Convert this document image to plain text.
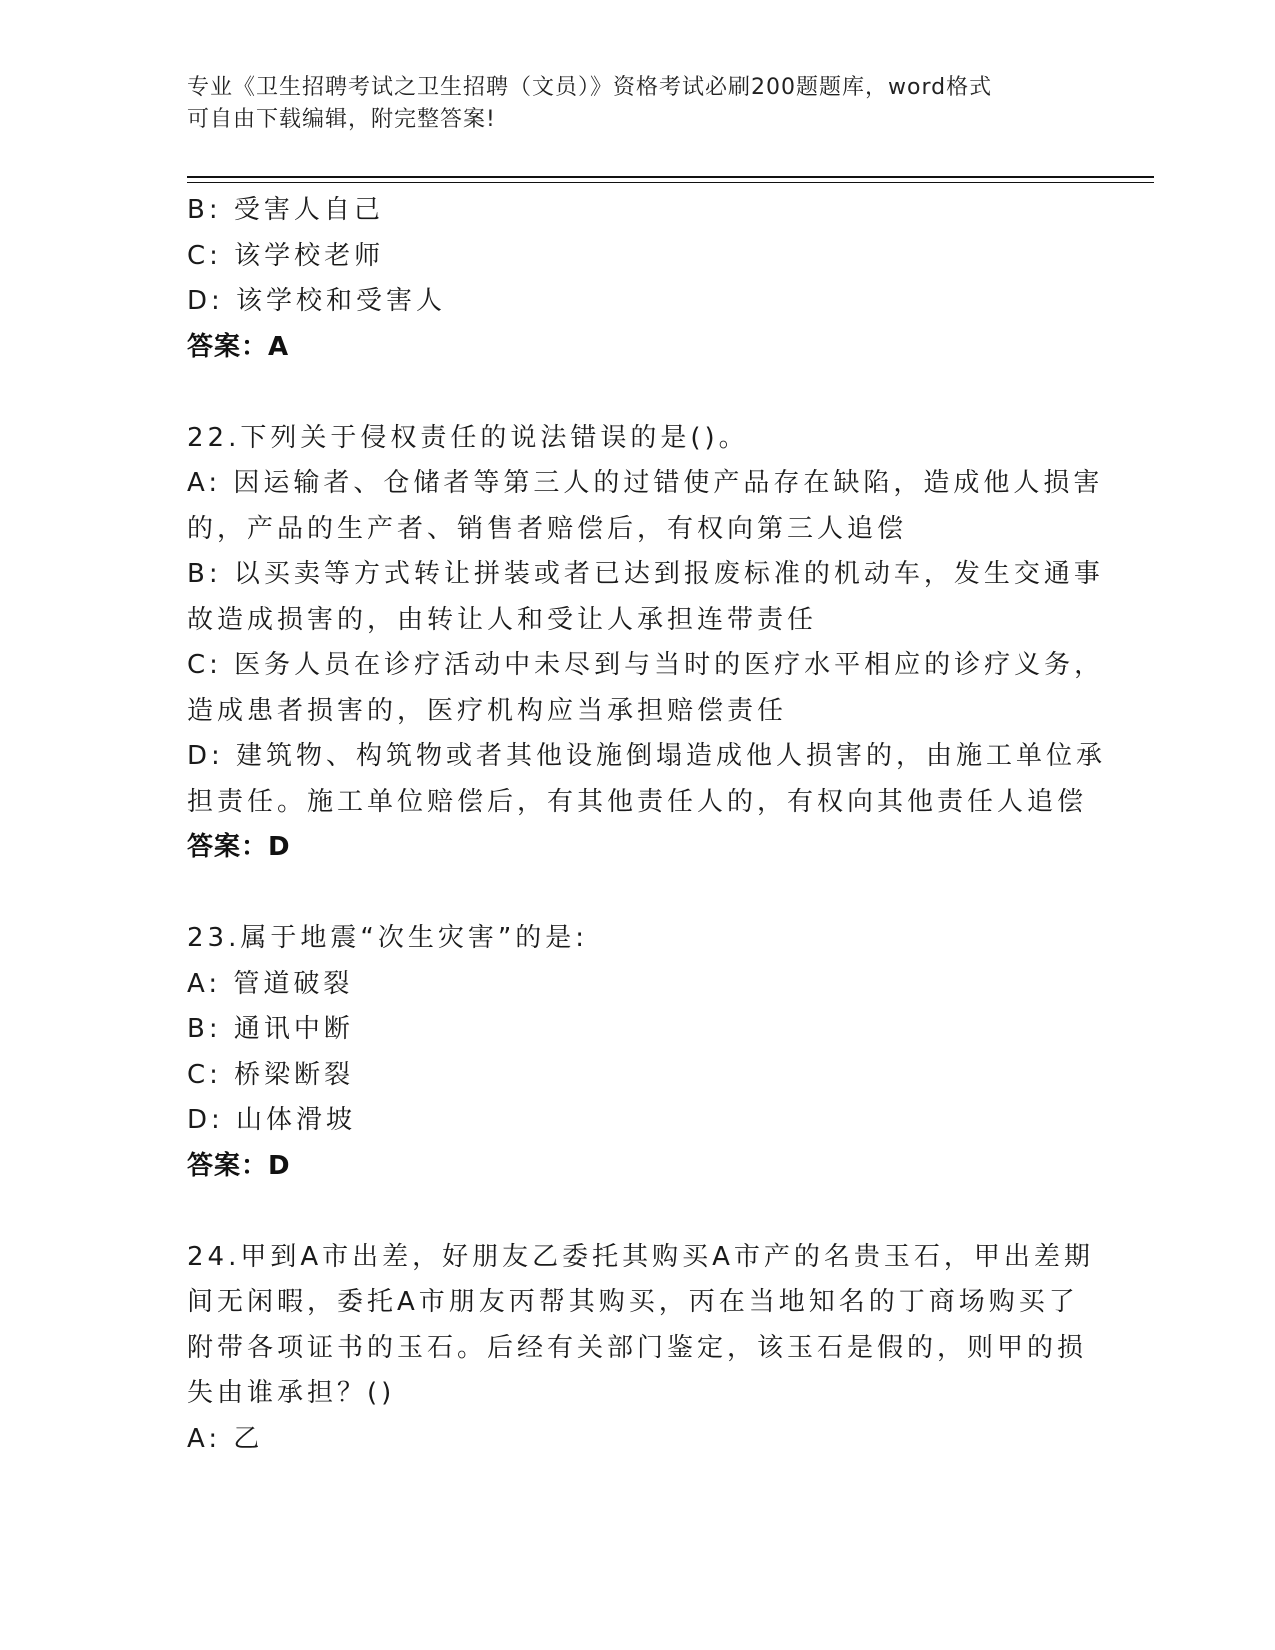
专业《卫生招聘考试之卫生招聘（文员）》资格考试必刷200题题库，word格式
可自由下载编辑，附完整答案!
B: 受害人自己
C: 该学校老师
D: 该学校和受害人
答案：A
22.下列关于侵权责任的说法错误的是()。
A: 因运输者、仓储者等第三人的过错使产品存在缺陷，造成他人损害
的，产品的生产者、销售者赔偿后，有权向第三人追偿
B: 以买卖等方式转让拼装或者已达到报废标准的机动车，发生交通事
故造成损害的，由转让人和受让人承担连带责任
C: 医务人员在诊疗活动中未尽到与当时的医疗水平相应的诊疗义务，
造成患者损害的，医疗机构应当承担赔偿责任
D: 建筑物、构筑物或者其他设施倒塌造成他人损害的，由施工单位承
担责任。施工单位赔偿后，有其他责任人的，有权向其他责任人追偿
答案：D
23.属于地震“次生灾害”的是:
A: 管道破裂
B: 通讯中断
C: 桥梁断裂
D: 山体滑坡
答案：D
24.甲到A市出差，好朋友乙委托其购买A市产的名贵玉石，甲出差期
间无闲暇，委托A市朋友丙帮其购买，丙在当地知名的丁商场购买了
附带各项证书的玉石。后经有关部门鉴定，该玉石是假的，则甲的损
失由谁承担？()
A: 乙
